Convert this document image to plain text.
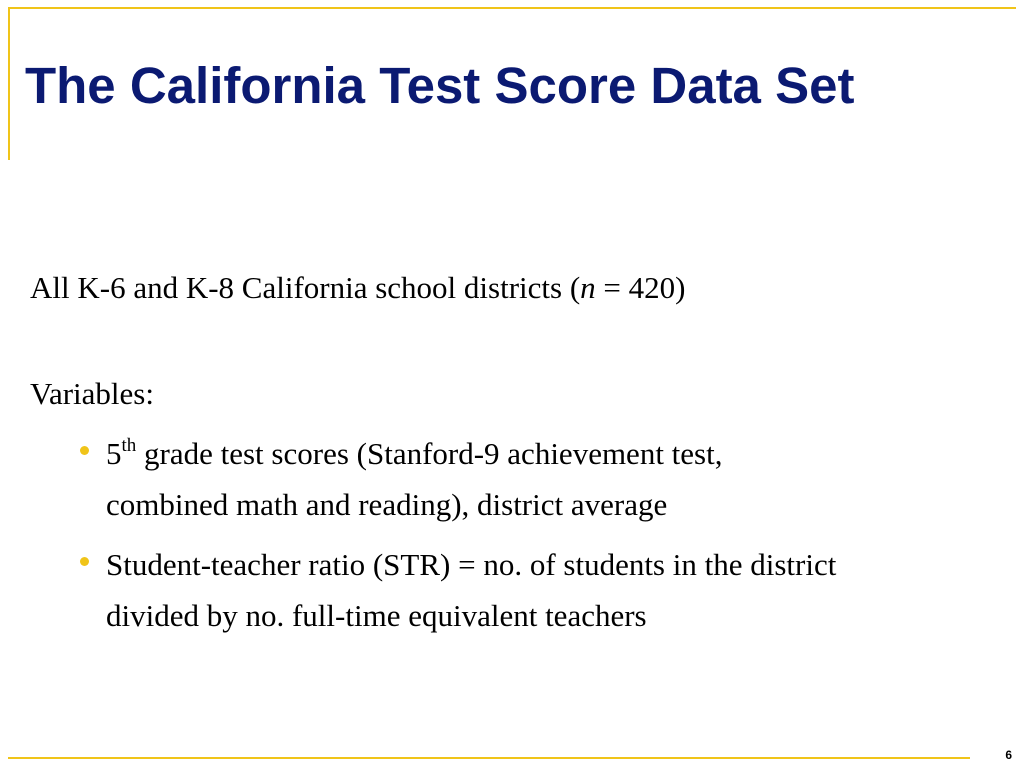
The California Test Score Data Set
All K-6 and K-8 California school districts (n = 420)
Variables:
5th grade test scores (Stanford-9 achievement test,
combined math and reading), district average
Student-teacher ratio (STR) = no. of students in the district
divided by no. full-time equivalent teachers
6
